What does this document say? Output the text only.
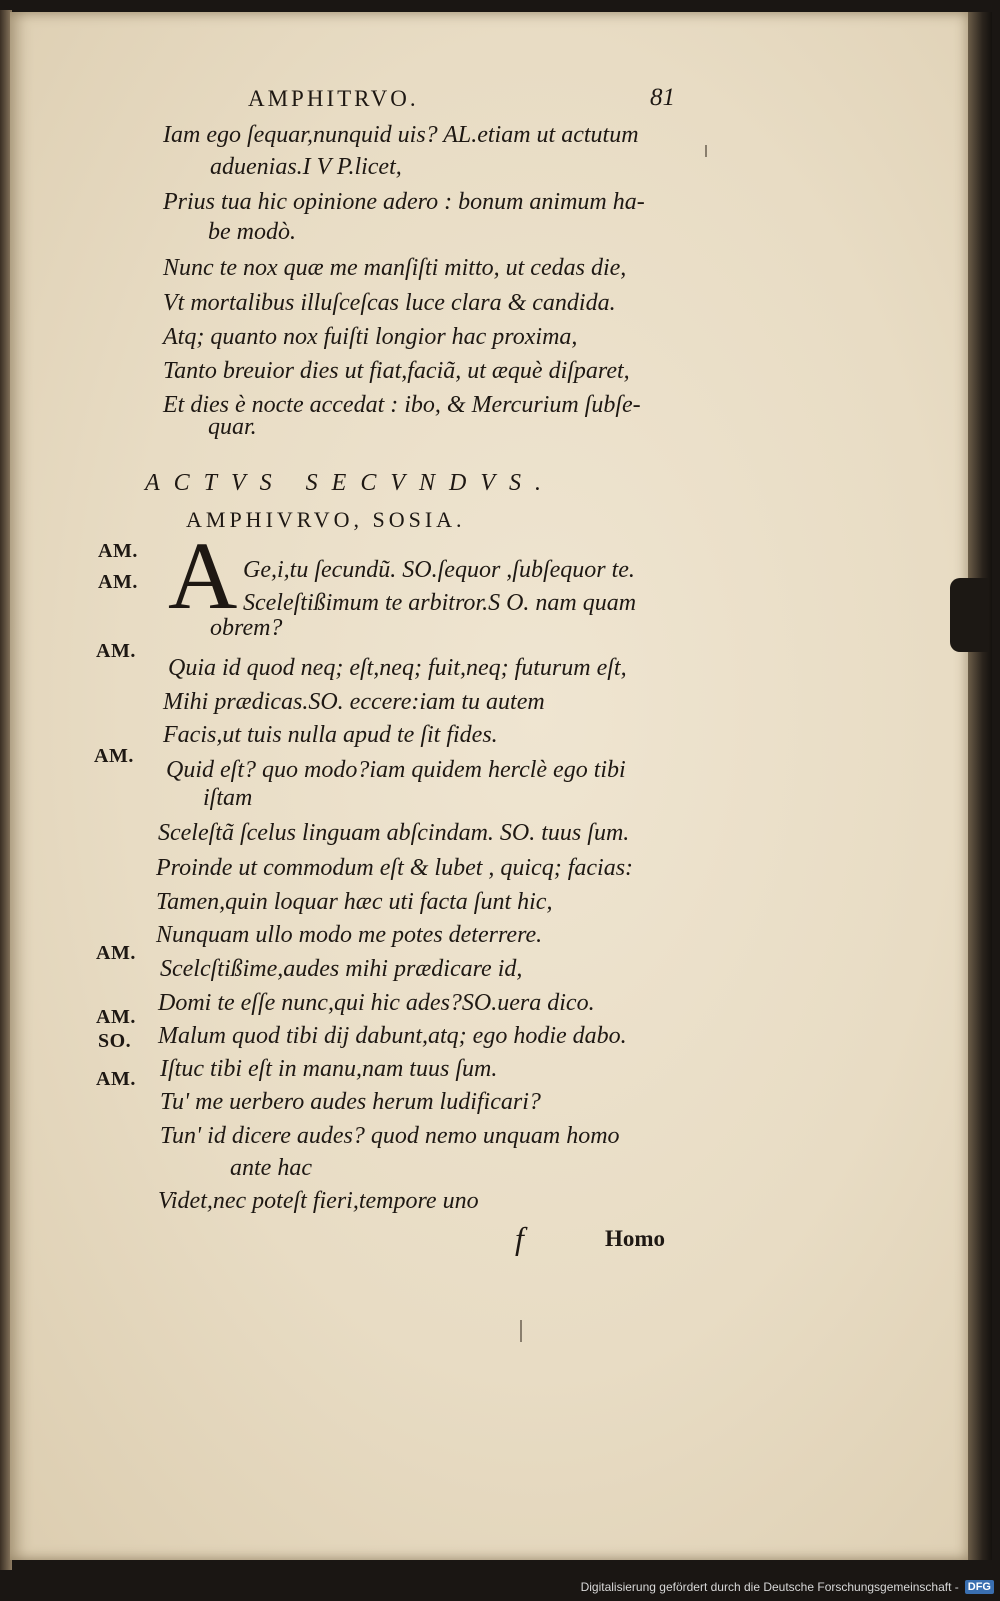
AMPHITRVO.	81
Iam ego ſequar,nunquid uis? AL.etiam ut actutum
aduenias.I V P.licet,
Prius tua hic opinione adero : bonum animum ha-
be modò.
Nunc te nox quæ me manſiſti mitto, ut cedas die,
Vt mortalibus illuſceſcas luce clara & candida.
Atq; quanto nox fuiſti longior hac proxima,
Tanto breuior dies ut fiat,faciã, ut æquè diſparet,
Et dies è nocte accedat : ibo, & Mercurium ſubſe-
quar.
ACTVS SECVNDVS.
AMPHIVRVO, SOSIA.
AM.
AM.
AM.
AM.
AM.
AM.
SO.
AM.
A Ge,i,tu ſecundũ. SO.ſequor ,ſubſequor te.
Sceleſtißimum te arbitror.S O. nam quam
obrem?
Quia id quod neq; eſt,neq; fuit,neq; futurum eſt,
Mihi prædicas.SO. eccere:iam tu autem
Facis,ut tuis nulla apud te ſit fides.
Quid eſt? quo modo?iam quidem herclè ego tibi
iſtam
Sceleſtã ſcelus linguam abſcindam. SO. tuus ſum.
Proinde ut commodum eſt & lubet , quicq; facias:
Tamen,quin loquar hæc uti facta ſunt hic,
Nunquam ullo modo me potes deterrere.
Scelcſtißime,audes mihi prædicare id,
Domi te eſſe nunc,qui hic ades?SO.uera dico.
Malum quod tibi dij dabunt,atq; ego hodie dabo.
Iſtuc tibi eſt in manu,nam tuus ſum.
Tu' me uerbero audes herum ludificari?
Tun' id dicere audes? quod nemo unquam homo
ante hac
Videt,nec poteſt fieri,tempore uno
f	Homo
Digitalisierung gefördert durch die Deutsche Forschungsgemeinschaft - DFG
